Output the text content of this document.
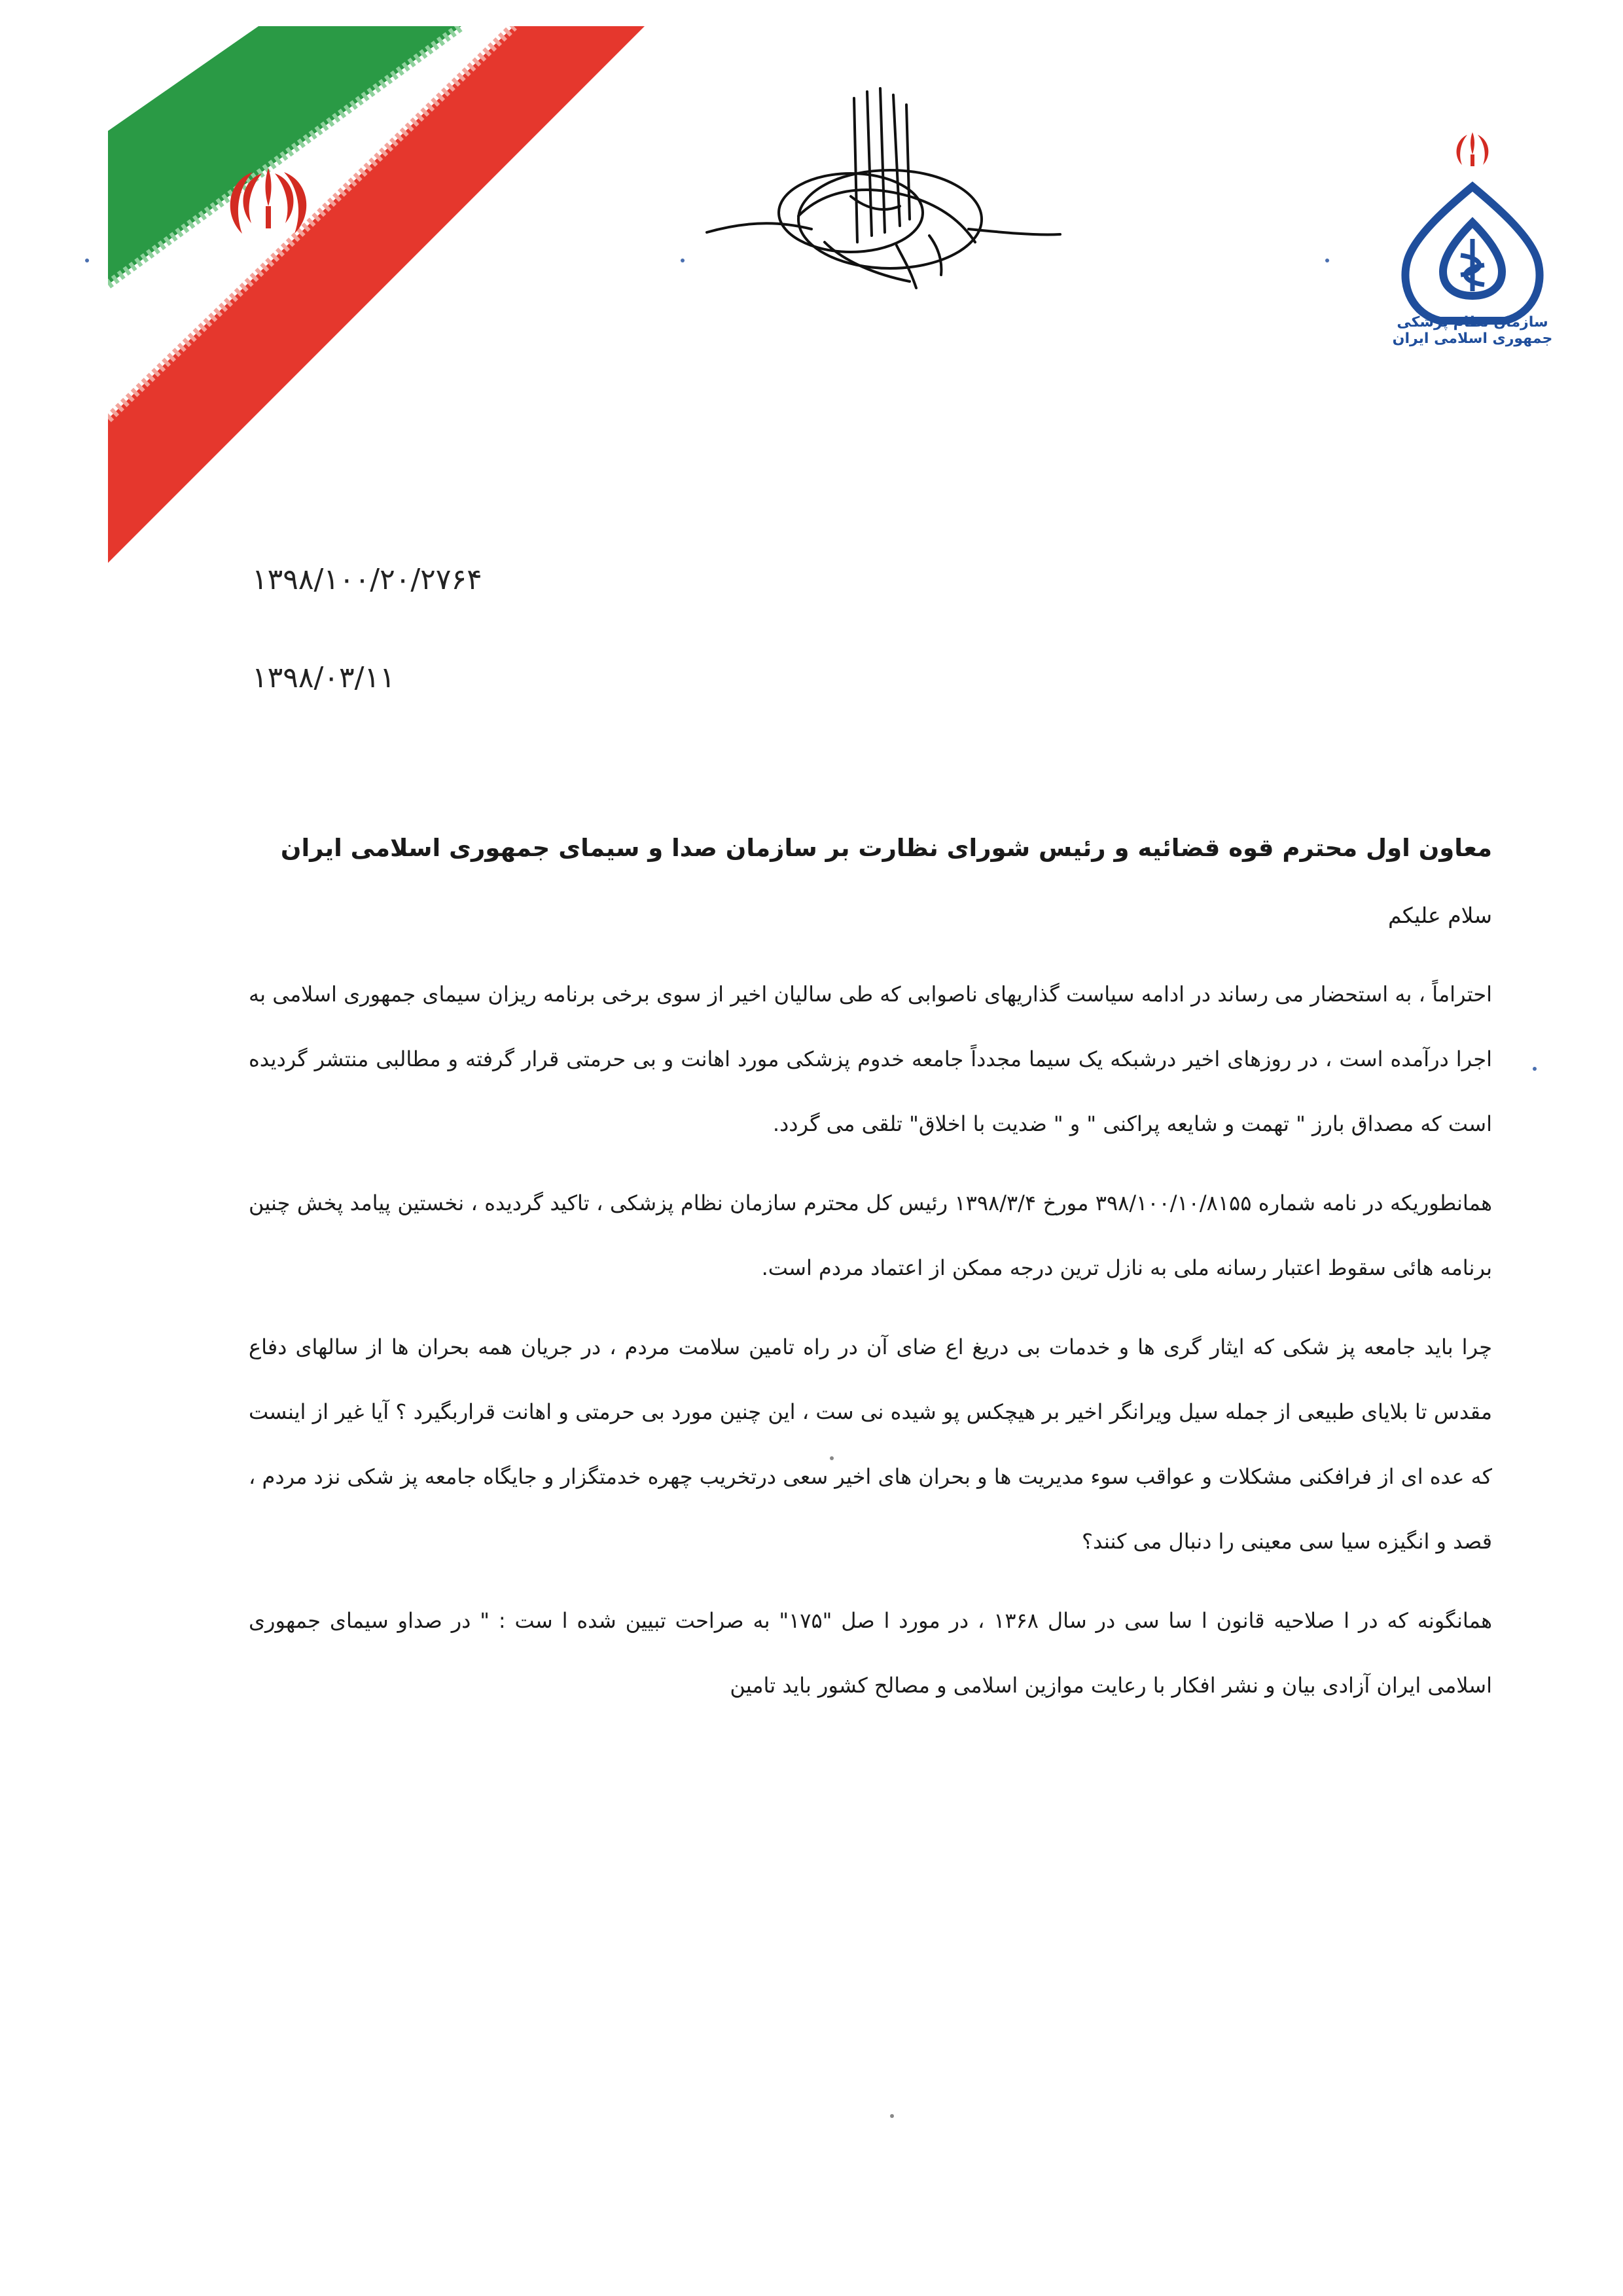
سازمان نظام پزشکی جمهوری اسلامی ایران
۱۳۹۸/۱۰۰/۲۰/۲۷۶۴
۱۳۹۸/۰۳/۱۱
معاون اول محترم قوه قضائیه و رئیس شورای نظارت بر سازمان صدا و سیمای جمهوری اسلامی ایران
سلام علیکم

احتراماً ، به استحضار می رساند در ادامه سیاست گذاریهای ناصوابی که طی سالیان اخیر از سوی برخی برنامه ریزان سیمای جمهوری اسلامی به اجرا درآمده است ، در روزهای اخیر درشبکه یک سیما مجدداً جامعه خدوم پزشکی مورد اهانت و بی حرمتی قرار گرفته و مطالبی منتشر گردیده است که مصداق بارز " تهمت و شایعه پراکنی " و " ضدیت با اخلاق" تلقی می گردد.

همانطوریکه در نامه شماره ۳۹۸/۱۰۰/۱۰/۸۱۵۵ مورخ ۱۳۹۸/۳/۴ رئیس کل محترم سازمان نظام پزشکی ، تاکید گردیده ، نخستین پیامد پخش چنین برنامه هائی سقوط اعتبار رسانه ملی به نازل ترین درجه ممکن از اعتماد مردم است.

چرا باید جامعه پز شکی که ایثار گری ها و خدمات بی دریغ اع ضای آن در راه تامین سلامت مردم ، در جریان همه بحران ها از سالهای دفاع مقدس تا بلایای طبیعی از جمله سیل ویرانگر اخیر بر هیچکس پو شیده نی ست ، این چنین مورد بی حرمتی و اهانت قراربگیرد ؟ آیا غیر از اینست که عده ای از فرافکنی مشکلات و عواقب سوء مدیریت ها و بحران های اخیر سعی درتخریب چهره خدمتگزار و جایگاه جامعه پز شکی نزد مردم ، قصد و انگیزه سیا سی معینی را دنبال می کنند؟

همانگونه که در ا صلاحیه قانون ا سا سی در سال ۱۳۶۸ ، در مورد ا صل "۱۷۵" به صراحت تبیین شده ا ست : " در صداو سیمای جمهوری اسلامی ایران آزادی بیان و نشر افکار با رعایت موازین اسلامی و مصالح کشور باید تامین
